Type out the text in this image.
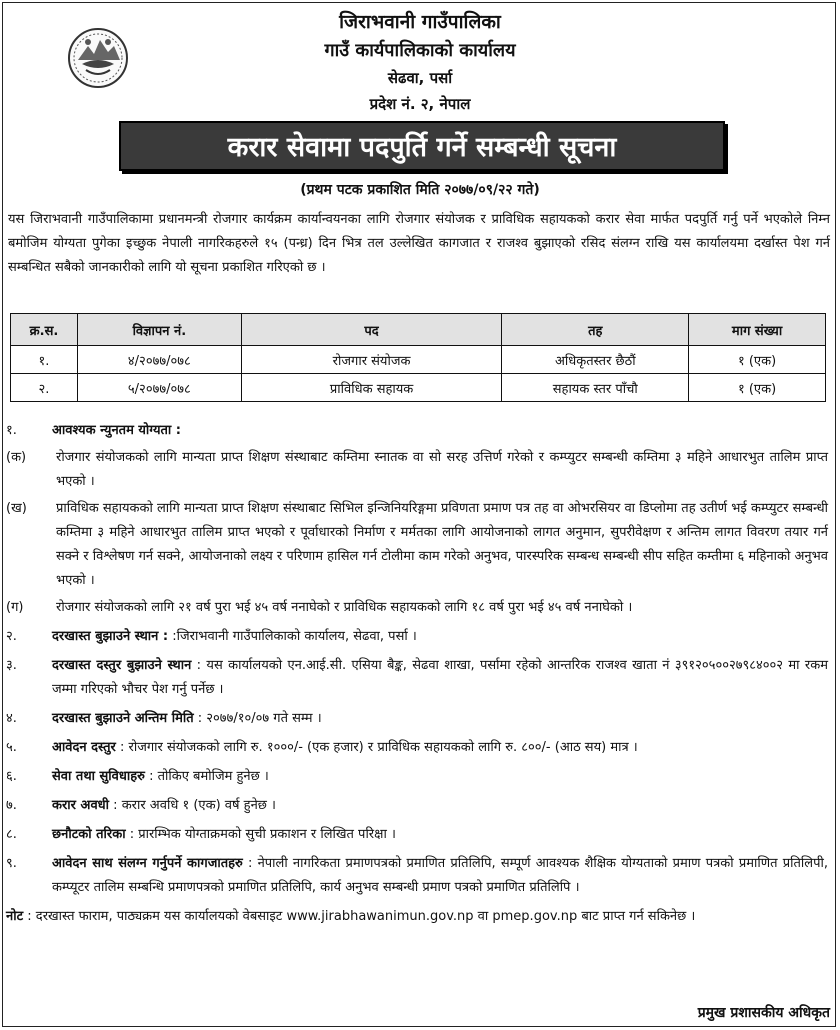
जिराभवानी गाउँपालिका
गाउँ कार्यपालिकाको कार्यालय
सेढवा, पर्सा
प्रदेश नं. २, नेपाल
करार सेवामा पदपुर्ति गर्ने सम्बन्धी सूचना
(प्रथम पटक प्रकाशित मिति २०७७/०९/२२ गते)
यस जिराभवानी गाउँपालिकामा प्रधानमन्त्री रोजगार कार्यक्रम कार्यान्वयनका लागि रोजगार संयोजक र प्राविधिक सहायकको करार सेवा मार्फत पदपुर्ति गर्नु पर्ने भएकोले निम्न बमोजिम योग्यता पुगेका इच्छुक नेपाली नागरिकहरुले १५ (पन्ध्र) दिन भित्र तल उल्लेखित कागजात र राजश्व बुझाएको रसिद संलग्न राखि यस कार्यालयमा दर्खास्त पेश गर्न सम्बन्धित सबैको जानकारीको लागि यो सूचना प्रकाशित गरिएको छ ।
क्र.स.	विज्ञापन नं.	पद	तह	माग संख्या
१.	४/२०७७/०७८	रोजगार संयोजक	अधिकृतस्तर छैठौं	१ (एक)
२.	५/२०७७/०७८	प्राविधिक सहायक	सहायक स्तर पाँचौ	१ (एक)
१.	आवश्यक न्युनतम योग्यता :
(क)	रोजगार संयोजकको लागि मान्यता प्राप्त शिक्षण संस्थाबाट कम्तिमा स्नातक वा सो सरह उत्तिर्ण गरेको र कम्प्युटर सम्बन्धी कम्तिमा ३ महिने आधारभुत तालिम प्राप्त भएको ।
(ख)	प्राविधिक सहायकको लागि मान्यता प्राप्त शिक्षण संस्थाबाट सिभिल इन्जिनियरिङ्गमा प्रविणता प्रमाण पत्र तह वा ओभरसियर वा डिप्लोमा तह उतीर्ण भई कम्प्युटर सम्बन्धी कम्तिमा ३ महिने आधारभुत तालिम प्राप्त भएको र पूर्वाधारको निर्माण र मर्मतका लागि आयोजनाको लागत अनुमान, सुपरीवेक्षण र अन्तिम लागत विवरण तयार गर्न सक्ने र विश्लेषण गर्न सक्ने, आयोजनाको लक्ष्य र परिणाम हासिल गर्न टोलीमा काम गरेको अनुभव, पारस्परिक सम्बन्ध सम्बन्धी सीप सहित कम्तीमा ६ महिनाको अनुभव भएको ।
(ग)	रोजगार संयोजकको लागि २१ वर्ष पुरा भई ४५ वर्ष ननाघेको र प्राविधिक सहायकको लागि १८ वर्ष पुरा भई ४५ वर्ष ननाघेको ।
२.	दरखास्त बुझाउने स्थान : :जिराभवानी गाउँपालिकाको कार्यालय, सेढवा, पर्सा ।
३.	दरखास्त दस्तुर बुझाउने स्थान : यस कार्यालयको एन.आई.सी. एसिया बैङ्क, सेढवा शाखा, पर्सामा रहेको आन्तरिक राजश्व खाता नं ३९१२०५००२७९८४००२ मा रकम जम्मा गरिएको भौचर पेश गर्नु पर्नेछ ।
४.	दरखास्त बुझाउने अन्तिम मिति : २०७७/१०/०७ गते सम्म ।
५.	आवेदन दस्तुर : रोजगार संयोजकको लागि रु. १०००/- (एक हजार) र प्राविधिक सहायकको लागि रु. ८००/- (आठ सय) मात्र ।
६.	सेवा तथा सुविधाहरु : तोकिए बमोजिम हुनेछ ।
७.	करार अवधी : करार अवधि १ (एक) वर्ष हुनेछ ।
८.	छनौटको तरिका : प्रारम्भिक योग्ताक्रमको सुची प्रकाशन र लिखित परिक्षा ।
९.	आवेदन साथ संलग्न गर्नुपर्ने कागजातहरु : नेपाली नागरिकता प्रमाणपत्रको प्रमाणित प्रतिलिपि, सम्पूर्ण आवश्यक शैक्षिक योग्यताको प्रमाण पत्रको प्रमाणित प्रतिलिपी, कम्प्यूटर तालिम सम्बन्धि प्रमाणपत्रको प्रमाणित प्रतिलिपि, कार्य अनुभव सम्बन्धी प्रमाण पत्रको प्रमाणित प्रतिलिपि ।
नोट : दरखास्त फाराम, पाठ्यक्रम यस कार्यालयको वेबसाइट www.jirabhawanimun.gov.np वा pmep.gov.np बाट प्राप्त गर्न सकिनेछ ।
प्रमुख प्रशासकीय अधिकृत
